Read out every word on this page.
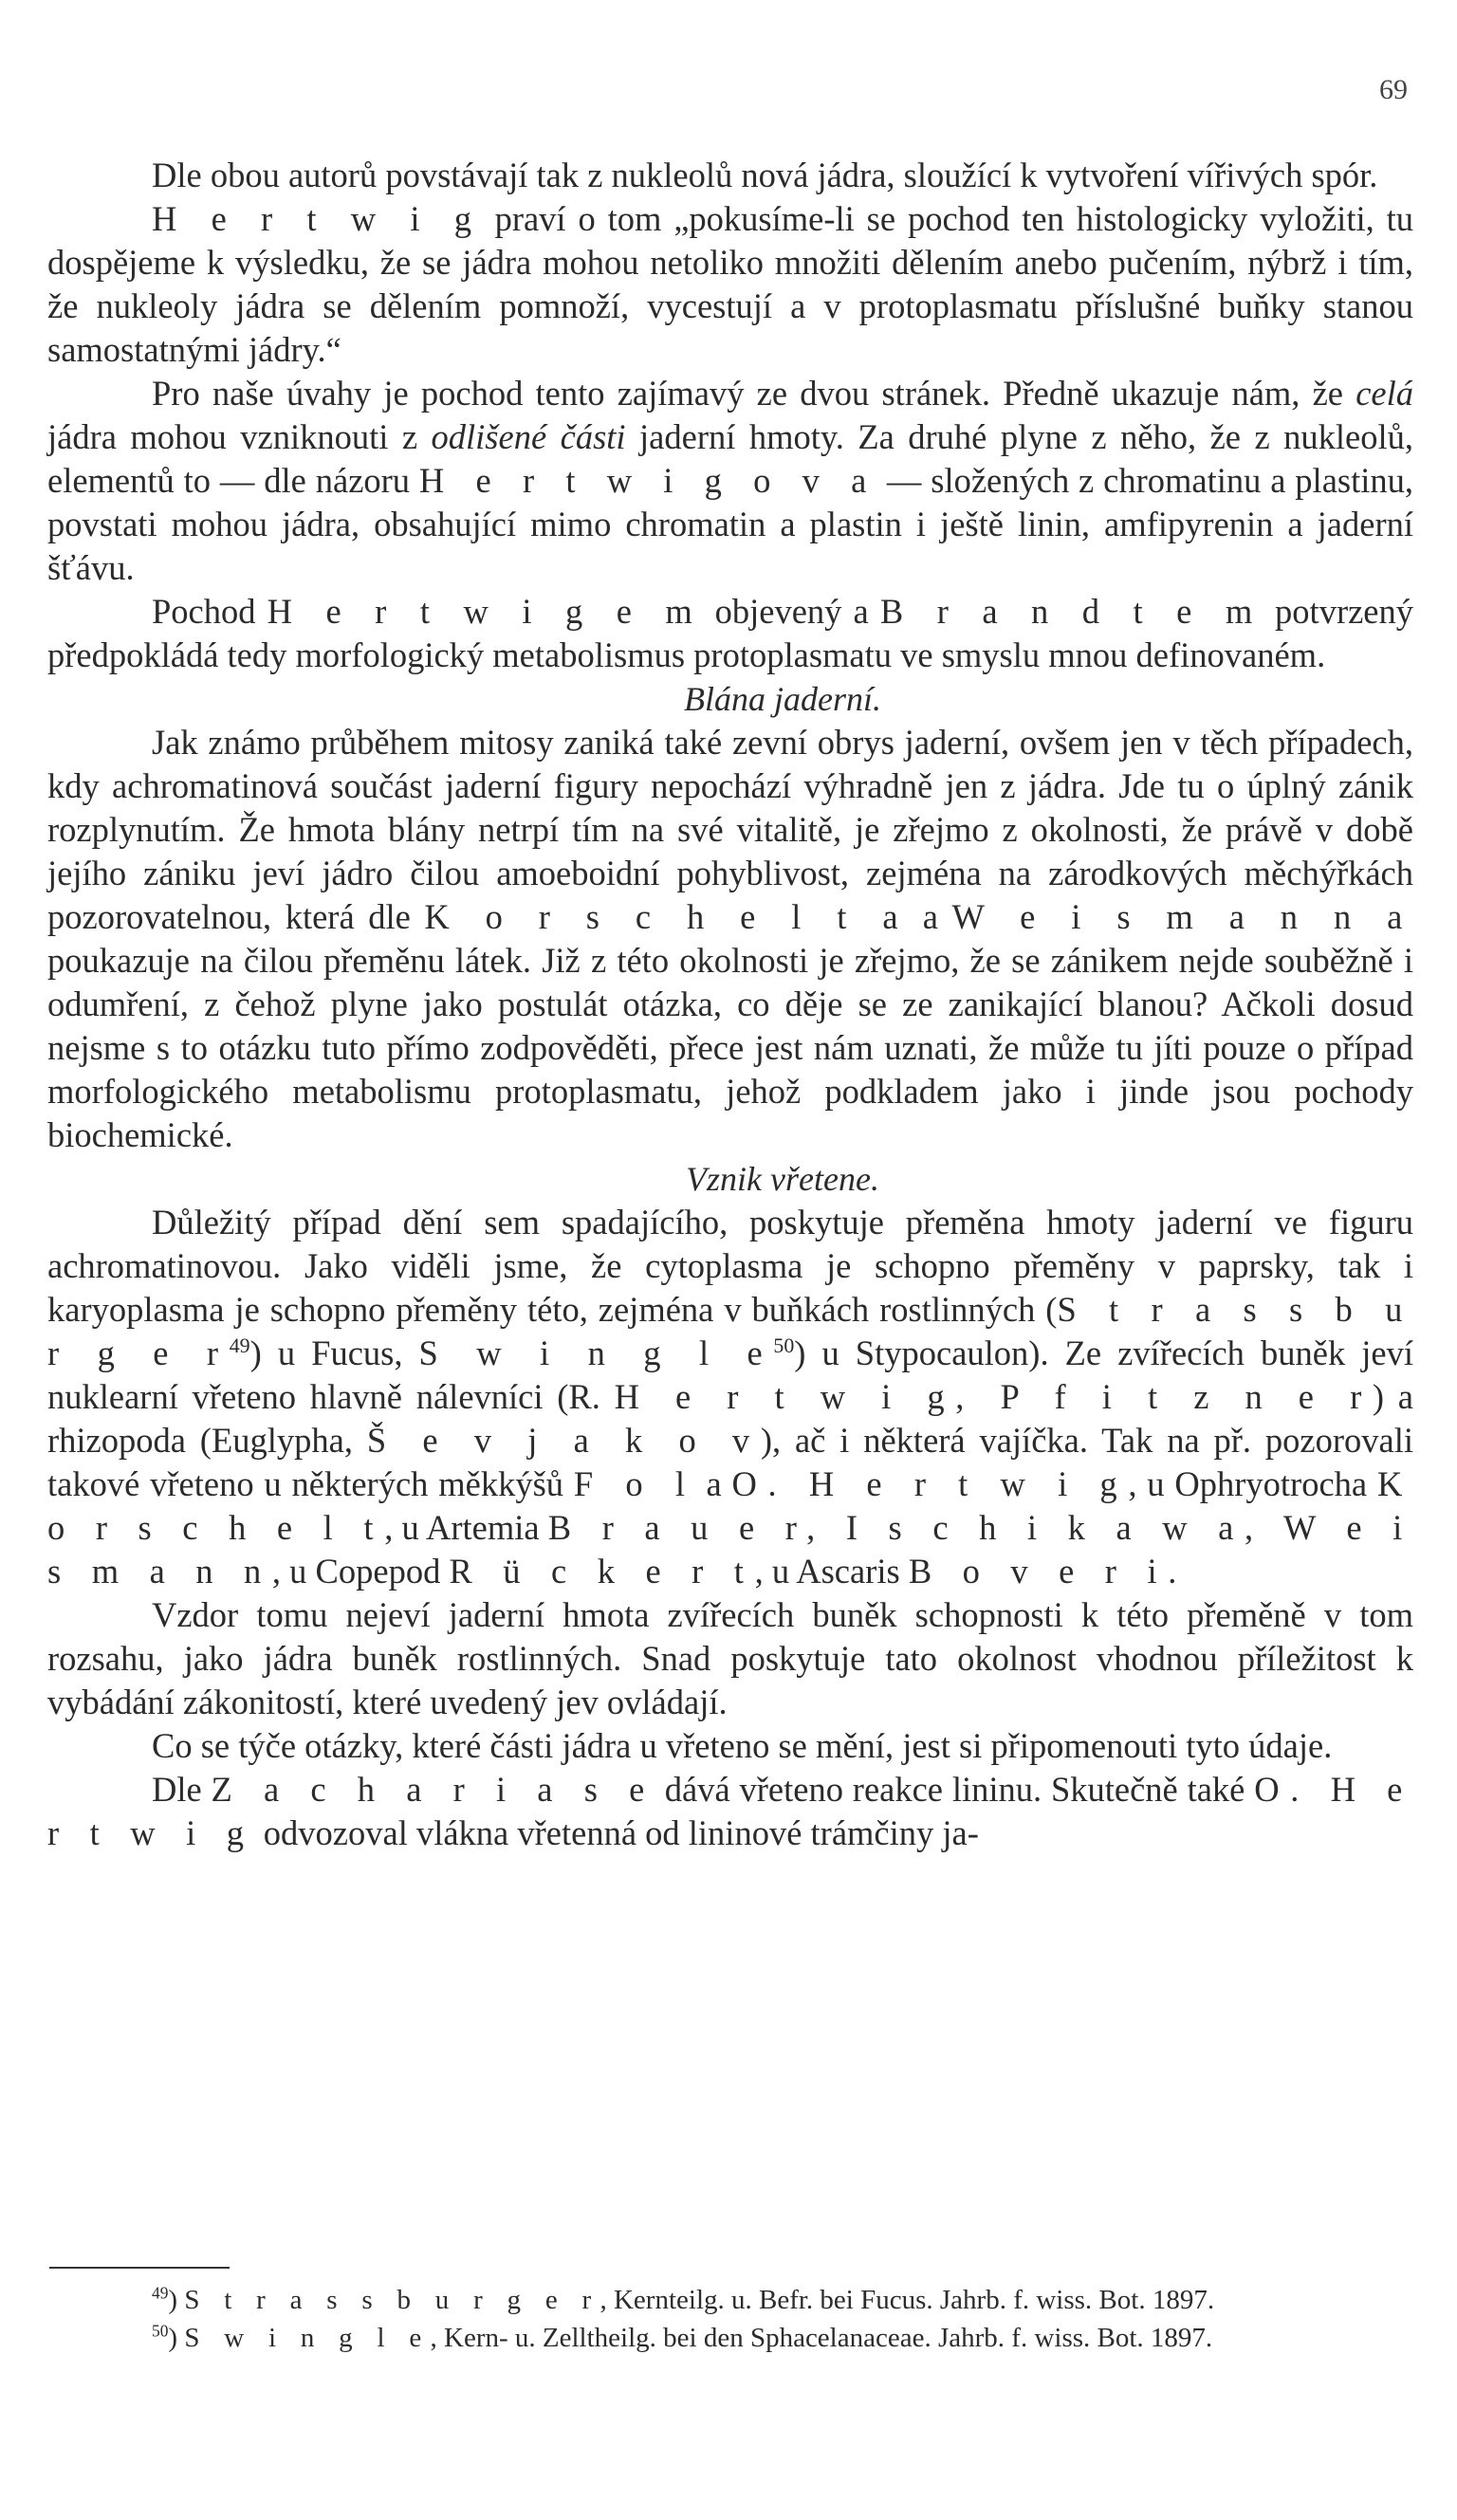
69

Dle obou autorů povstávají tak z nukleolů nová jádra, sloužící k vytvoření vířivých spór.

H e r t w i g praví o tom „pokusíme-li se pochod ten histologicky vyložiti, tu dospějeme k výsledku, že se jádra mohou netoliko množiti dělením anebo pučením, nýbrž i tím, že nukleoly jádra se dělením pomnoží, vycestují a v protoplasmatu příslušné buňky stanou samostatnými jádry.“

Pro naše úvahy je pochod tento zajímavý ze dvou stránek. Předně ukazuje nám, že celá jádra mohou vzniknouti z odlišené části jaderní hmoty. Za druhé plyne z něho, že z nukleolů, elementů to — dle názoru H e r t w i g o v a — složených z chromatinu a plastinu, povstati mohou jádra, obsahující mimo chromatin a plastin i ještě linin, amfipyrenin a jaderní šťávu.

Pochod H e r t w i g e m objevený a B r a n d t e m potvrzený předpokládá tedy morfologický metabolismus protoplasmatu ve smyslu mnou definovaném.

Blána jaderní.

Jak známo průběhem mitosy zaniká také zevní obrys jaderní, ovšem jen v těch případech, kdy achromatinová součást jaderní figury nepochází výhradně jen z jádra. Jde tu o úplný zánik rozplynutím. Že hmota blány netrpí tím na své vitalitě, je zřejmo z okolnosti, že právě v době jejího zániku jeví jádro čilou amoeboidní pohyblivost, zejména na zárodkových měchýřkách pozorovatelnou, která dle K o r s c h e l t a a W e i s m a n n a poukazuje na čilou přeměnu látek. Již z této okolnosti je zřejmo, že se zánikem nejde souběžně i odumření, z čehož plyne jako postulát otázka, co děje se ze zanikající blanou? Ačkoli dosud nejsme s to otázku tuto přímo zodpověděti, přece jest nám uznati, že může tu jíti pouze o případ morfologického metabolismu protoplasmatu, jehož podkladem jako i jinde jsou pochody biochemické.

Vznik vřetene.

Důležitý případ dění sem spadajícího, poskytuje přeměna hmoty jaderní ve figuru achromatinovou. Jako viděli jsme, že cytoplasma je schopno přeměny v paprsky, tak i karyoplasma je schopno přeměny této, zejména v buňkách rostlinných (S t r a s s b u r g e $r^{49}$) u Fucus, S w i n g l $e^{50}$) u Stypocaulon). Ze zvířecích buněk jeví nuklearní vřeteno hlavně nálevníci (R. H e r t w i g, P f i t z n e r) a rhizopoda (Euglypha, Š e v j a k o v), ač i některá vajíčka. Tak na př. pozorovali takové vřeteno u některých měkkýšů F o l a O. H e r t w i g, u Ophryotrocha K o r s c h e l t, u Artemia B r a u e r, I s c h i k a w a, W e i s m a n n, u Copepod R ü c k e r t, u Ascaris B o v e r i.

Vzdor tomu nejeví jaderní hmota zvířecích buněk schopnosti k této přeměně v tom rozsahu, jako jádra buněk rostlinných. Snad poskytuje tato okolnost vhodnou příležitost k vybádání zákonitostí, které uvedený jev ovládají.

Co se týče otázky, které části jádra u vřeteno se mění, jest si připomenouti tyto údaje.

Dle Z a c h a r i a s e dává vřeteno reakce lininu. Skutečně také O. H e r t w i g odvozoval vlákna vřetenná od lininové trámčiny ja-

$^{49}$) S t r a s s b u r g e r, Kernteilg. u. Befr. bei Fucus. Jahrb. f. wiss. Bot. 1897.

$^{50}$) S w i n g l e, Kern- u. Zelltheilg. bei den Sphacelanaceae. Jahrb. f. wiss. Bot. 1897.
